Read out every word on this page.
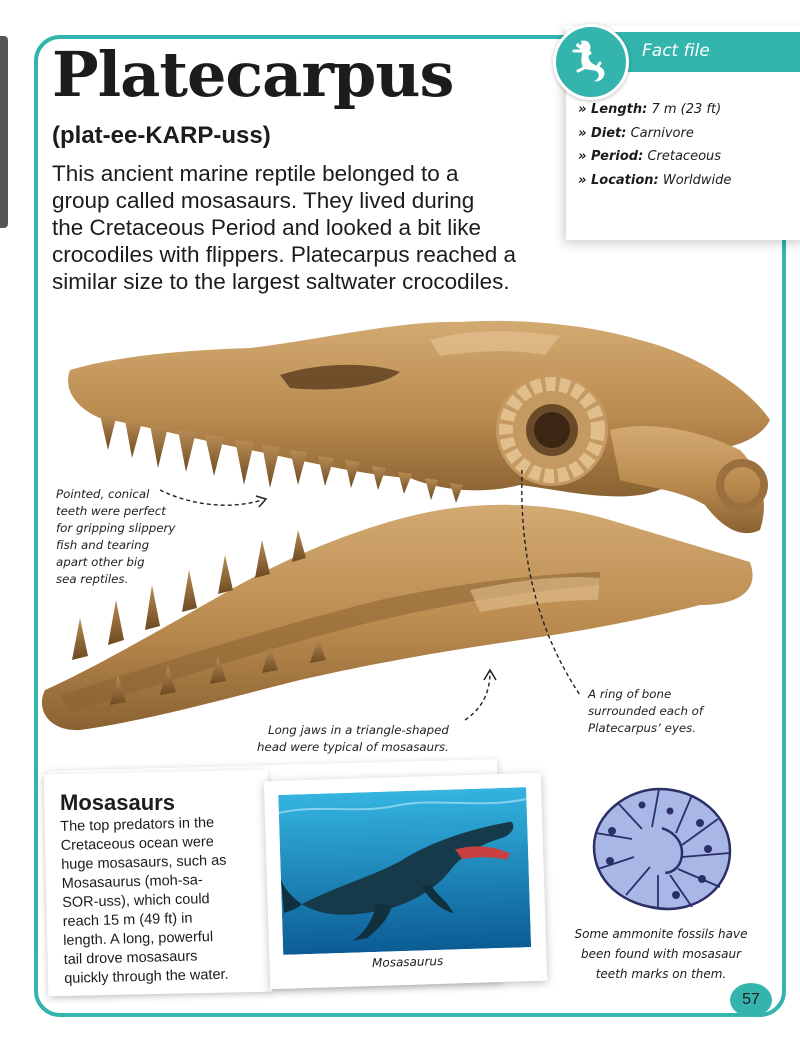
Platecarpus
(plat-ee-KARP-uss)
This ancient marine reptile belonged to a
group called mosasaurs. They lived during
the Cretaceous Period and looked a bit like
crocodiles with flippers. Platecarpus reached a
similar size to the largest saltwater crocodiles.
Fact file
» Length: 7 m (23 ft)
» Diet: Carnivore
» Period: Cretaceous
» Location: Worldwide
Pointed, conical
teeth were perfect
for gripping slippery
fish and tearing
apart other big
sea reptiles.
Long jaws in a triangle-shaped
head were typical of mosasaurs.
A ring of bone
surrounded each of
Platecarpus’ eyes.
Mosasaurs
The top predators in the
Cretaceous ocean were
huge mosasaurs, such as
Mosasaurus (moh-sa-
SOR-uss), which could
reach 15 m (49 ft) in
length. A long, powerful
tail drove mosasaurs
quickly through the water.
Mosasaurus
Some ammonite fossils have
been found with mosasaur
teeth marks on them.
57
